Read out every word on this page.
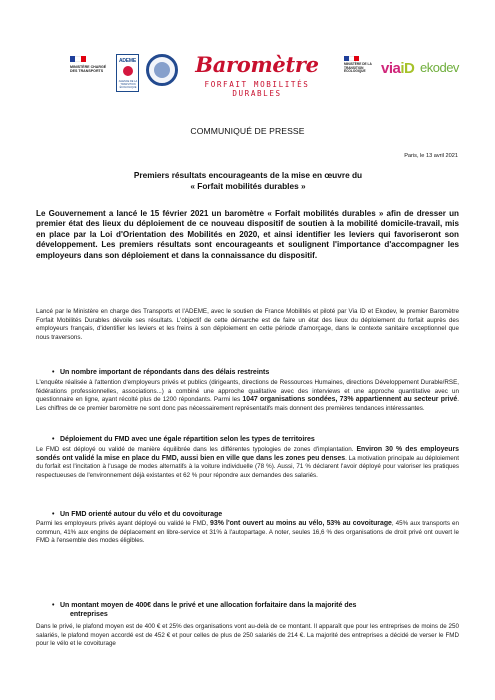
MINISTÈRE CHARGÉ DES TRANSPORTS
ADEME
AGENCE DE LA TRANSITION ÉCOLOGIQUE
Baromètre
FORFAIT MOBILITÉS DURABLES
MINISTÈRE DE LA TRANSITION ÉCOLOGIQUE	viaiD ekodev
COMMUNIQUÉ DE PRESSE
Paris, le 13 avril 2021
Premiers résultats encourageants de la mise en œuvre du
« Forfait mobilités durables »
Le Gouvernement a lancé le 15 février 2021 un baromètre « Forfait mobilités durables » afin de dresser un premier état des lieux du déploiement de ce nouveau dispositif de soutien à la mobilité domicile-travail, mis en place par la Loi d'Orientation des Mobilités en 2020, et ainsi identifier les leviers qui favoriseront son développement. Les premiers résultats sont encourageants et soulignent l'importance d'accompagner les employeurs dans son déploiement et dans la connaissance du dispositif.

Lancé par le Ministère en charge des Transports et l'ADEME, avec le soutien de France Mobilités et piloté par Via ID et Ekodev, le premier Baromètre Forfait Mobilités Durables dévoile ses résultats. L'objectif de cette démarche est de faire un état des lieux du déploiement du forfait auprès des employeurs français, d'identifier les leviers et les freins à son déploiement en cette période d'amorçage, dans le contexte sanitaire exceptionnel que nous traversons.

• Un nombre important de répondants dans des délais restreints

L'enquête réalisée à l'attention d'employeurs privés et publics (dirigeants, directions de Ressources Humaines, directions Développement Durable/RSE, fédérations professionnelles, associations...) a combiné une approche qualitative avec des interviews et une approche quantitative avec un questionnaire en ligne, ayant récolté plus de 1200 répondants. Parmi les 1047 organisations sondées, 73% appartiennent au secteur privé. Les chiffres de ce premier baromètre ne sont donc pas nécessairement représentatifs mais donnent des premières tendances intéressantes.

• Déploiement du FMD avec une égale répartition selon les types de territoires

Le FMD est déployé ou validé de manière équilibrée dans les différentes typologies de zones d'implantation. Environ 30 % des employeurs sondés ont validé la mise en place du FMD, aussi bien en ville que dans les zones peu denses. La motivation principale au déploiement du forfait est l'incitation à l'usage de modes alternatifs à la voiture individuelle (78 %). Aussi, 71 % déclarent l'avoir déployé pour valoriser les pratiques respectueuses de l'environnement déjà existantes et 62 % pour répondre aux demandes des salariés.

• Un FMD orienté autour du vélo et du covoiturage

Parmi les employeurs privés ayant déployé ou validé le FMD, 93% l'ont ouvert au moins au vélo, 53% au covoiturage, 45% aux transports en commun, 41% aux engins de déplacement en libre-service et 31% à l'autopartage. A noter, seules 16,6 % des organisations de droit privé ont ouvert le FMD à l'ensemble des modes éligibles.

• Un montant moyen de 400€ dans le privé et une allocation forfaitaire dans la majorité des
entreprises

Dans le privé, le plafond moyen est de 400 € et 25% des organisations vont au-delà de ce montant. Il apparaît que pour les entreprises de moins de 250 salariés, le plafond moyen accordé est de 452 € et pour celles de plus de 250 salariés de 214 €. La majorité des entreprises a décidé de verser le FMD pour le vélo et le covoiturage
